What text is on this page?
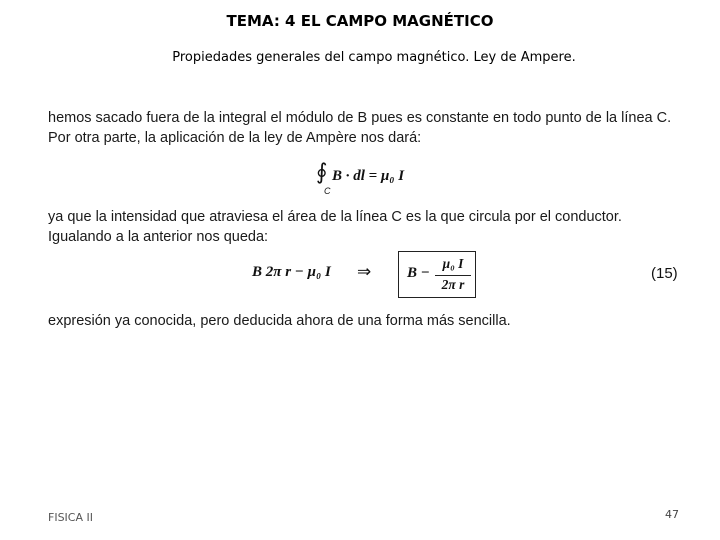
TEMA: 4 EL CAMPO MAGNÉTICO
Propiedades generales del campo magnético. Ley de Ampere.
hemos sacado fuera de la integral el módulo de B pues es constante en todo punto de la línea C. Por otra parte, la aplicación de la ley de Ampère nos dará:
∮
C
B · dl = μ₀ I
ya que la intensidad que atraviesa el área de la línea C es la que circula por el conductor. Igualando a la anterior nos queda:
B 2π r − μ₀ I ⇒ B −
μ₀ I
2π r
(15)
expresión ya conocida, pero deducida ahora de una forma más sencilla.
FISICA II	47
